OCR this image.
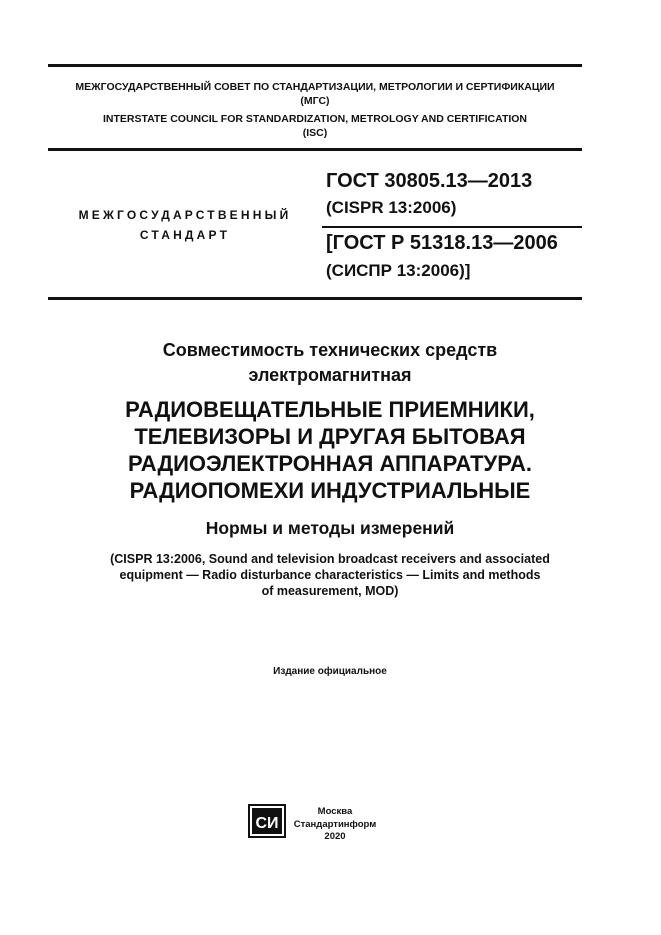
МЕЖГОСУДАРСТВЕННЫЙ СОВЕТ ПО СТАНДАРТИЗАЦИИ, МЕТРОЛОГИИ И СЕРТИФИКАЦИИ
(МГС)
INTERSTATE COUNCIL FOR STANDARDIZATION, METROLOGY AND CERTIFICATION
(ISC)
МЕЖГОСУДАРСТВЕННЫЙ
СТАНДАРТ
ГОСТ 30805.13—2013
(CISPR 13:2006)
[ГОСТ Р 51318.13—2006
(СИСПР 13:2006)]
Совместимость технических средств
электромагнитная
РАДИОВЕЩАТЕЛЬНЫЕ ПРИЕМНИКИ,
ТЕЛЕВИЗОРЫ И ДРУГАЯ БЫТОВАЯ
РАДИОЭЛЕКТРОННАЯ АППАРАТУРА.
РАДИОПОМЕХИ ИНДУСТРИАЛЬНЫЕ
Нормы и методы измерений
(CISPR 13:2006, Sound and television broadcast receivers and associated
equipment — Radio disturbance characteristics — Limits and methods
of measurement, MOD)
Издание официальное
СИ
Москва
Стандартинформ
2020
